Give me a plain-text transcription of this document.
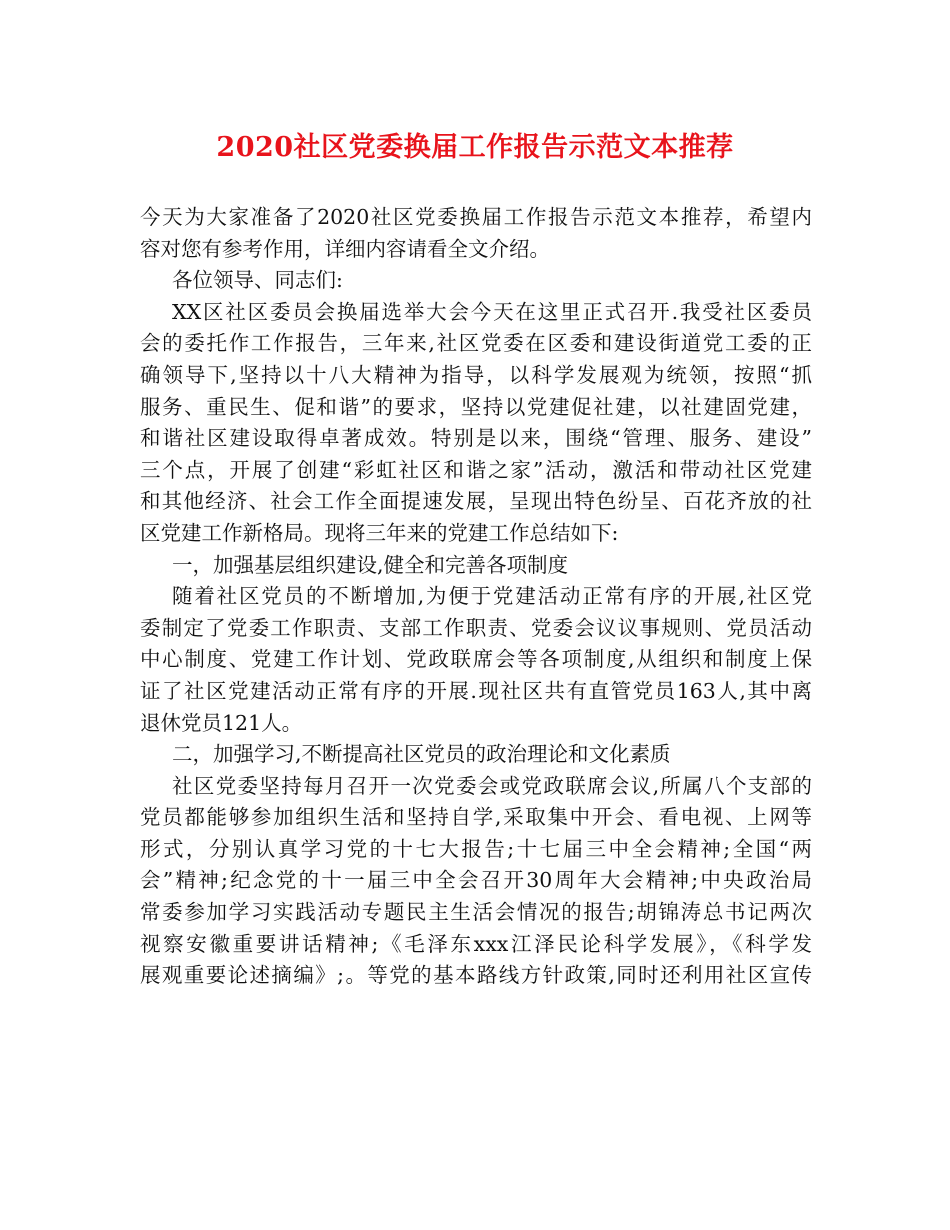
2020社区党委换届工作报告示范文本推荐
今天为大家准备了2020社区党委换届工作报告示范文本推荐，希望内
容对您有参考作用，详细内容请看全文介绍。
各位领导、同志们:
XX区社区委员会换届选举大会今天在这里正式召开.我受社区委员
会的委托作工作报告，三年来,社区党委在区委和建设街道党工委的正
确领导下,坚持以十八大精神为指导，以科学发展观为统领，按照“抓
服务、重民生、促和谐”的要求，坚持以党建促社建，以社建固党建，
和谐社区建设取得卓著成效。特别是以来，围绕“管理、服务、建设”
三个点，开展了创建“彩虹社区和谐之家”活动，激活和带动社区党建
和其他经济、社会工作全面提速发展，呈现出特色纷呈、百花齐放的社
区党建工作新格局。现将三年来的党建工作总结如下:
一，加强基层组织建设,健全和完善各项制度
随着社区党员的不断增加,为便于党建活动正常有序的开展,社区党
委制定了党委工作职责、支部工作职责、党委会议议事规则、党员活动
中心制度、党建工作计划、党政联席会等各项制度,从组织和制度上保
证了社区党建活动正常有序的开展.现社区共有直管党员163人,其中离
退休党员121人。
二，加强学习,不断提高社区党员的政治理论和文化素质
社区党委坚持每月召开一次党委会或党政联席会议,所属八个支部的
党员都能够参加组织生活和坚持自学,采取集中开会、看电视、上网等
形式，分别认真学习党的十七大报告;十七届三中全会精神;全国“两
会”精神;纪念党的十一届三中全会召开30周年大会精神;中央政治局
常委参加学习实践活动专题民主生活会情况的报告;胡锦涛总书记两次
视察安徽重要讲话精神;《毛泽东xxx江泽民论科学发展》，《科学发
展观重要论述摘编》;。等党的基本路线方针政策,同时还利用社区宣传
